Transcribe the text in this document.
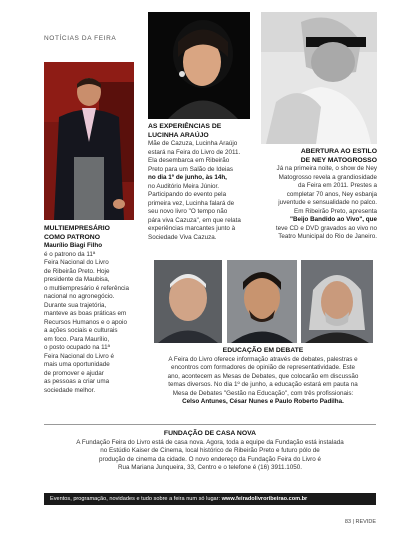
NOTÍCIAS DA FEIRA
MULTIEMPRESÁRIO
COMO PATRONO
Maurílio Biagi Filho

é o patrono da 11ª

Feira Nacional do Livro

de Ribeirão Preto. Hoje

presidente da Maubisa,

o multiempresário é referência

nacional no agronegócio.

Durante sua trajetória,

manteve as boas práticas em

Recursos Humanos e o apoio

a ações sociais e culturais

em foco. Para Maurílio,

o posto ocupado na 11ª

Feira Nacional do Livro é

mais uma oportunidade

de promover e ajudar

as pessoas a criar uma

sociedade melhor.

AS EXPERIÊNCIAS DE
LUCINHA ARAÚJO

Mãe de Cazuza, Lucinha Araújo

estará na Feira do Livro de 2011.

Ela desembarca em Ribeirão

Preto para um Salão de Ideias

no dia 1º de junho, às 14h,

no Auditório Meira Júnior.

Participando do evento pela

primeira vez, Lucinha falará de

seu novo livro "O tempo não

pára viva Cazuza", em que relata

experiências marcantes junto à

Sociedade Viva Cazuza.

ABERTURA AO ESTILO
DE NEY MATOGROSSO

Já na primeira noite, o show de Ney

Matogrosso revela a grandiosidade

da Feira em 2011. Prestes a

completar 70 anos, Ney esbanja

juventude e sensualidade no palco.

Em Ribeirão Preto, apresenta

"Beijo Bandido ao Vivo", que

teve CD e DVD gravados ao vivo no

Teatro Municipal do Rio de Janeiro.

EDUCAÇÃO EM DEBATE

A Feira do Livro oferece informação através de debates, palestras e

encontros com formadores de opinião de representatividade. Este

ano, acontecem as Mesas de Debates, que colocarão em discussão

temas diversos. No dia 1º de junho, a educação estará em pauta na

Mesa de Debates "Gestão na Educação", com três profissionais:

Celso Antunes, César Nunes e Paulo Roberto Padilha.

FUNDAÇÃO DE CASA NOVA

A Fundação Feira do Livro está de casa nova. Agora, toda a equipe da Fundação está instalada

no Estúdio Kaiser de Cinema, local histórico de Ribeirão Preto e futuro pólo de

produção de cinema da cidade. O novo endereço da Fundação Feira do Livro é

Rua Mariana Junqueira, 33, Centro e o telefone é (16) 3911.1050.

Eventos, programação, novidades e tudo sobre a feira num só lugar: www.feiradolivroribeirao.com.br
83 | REVIDE
